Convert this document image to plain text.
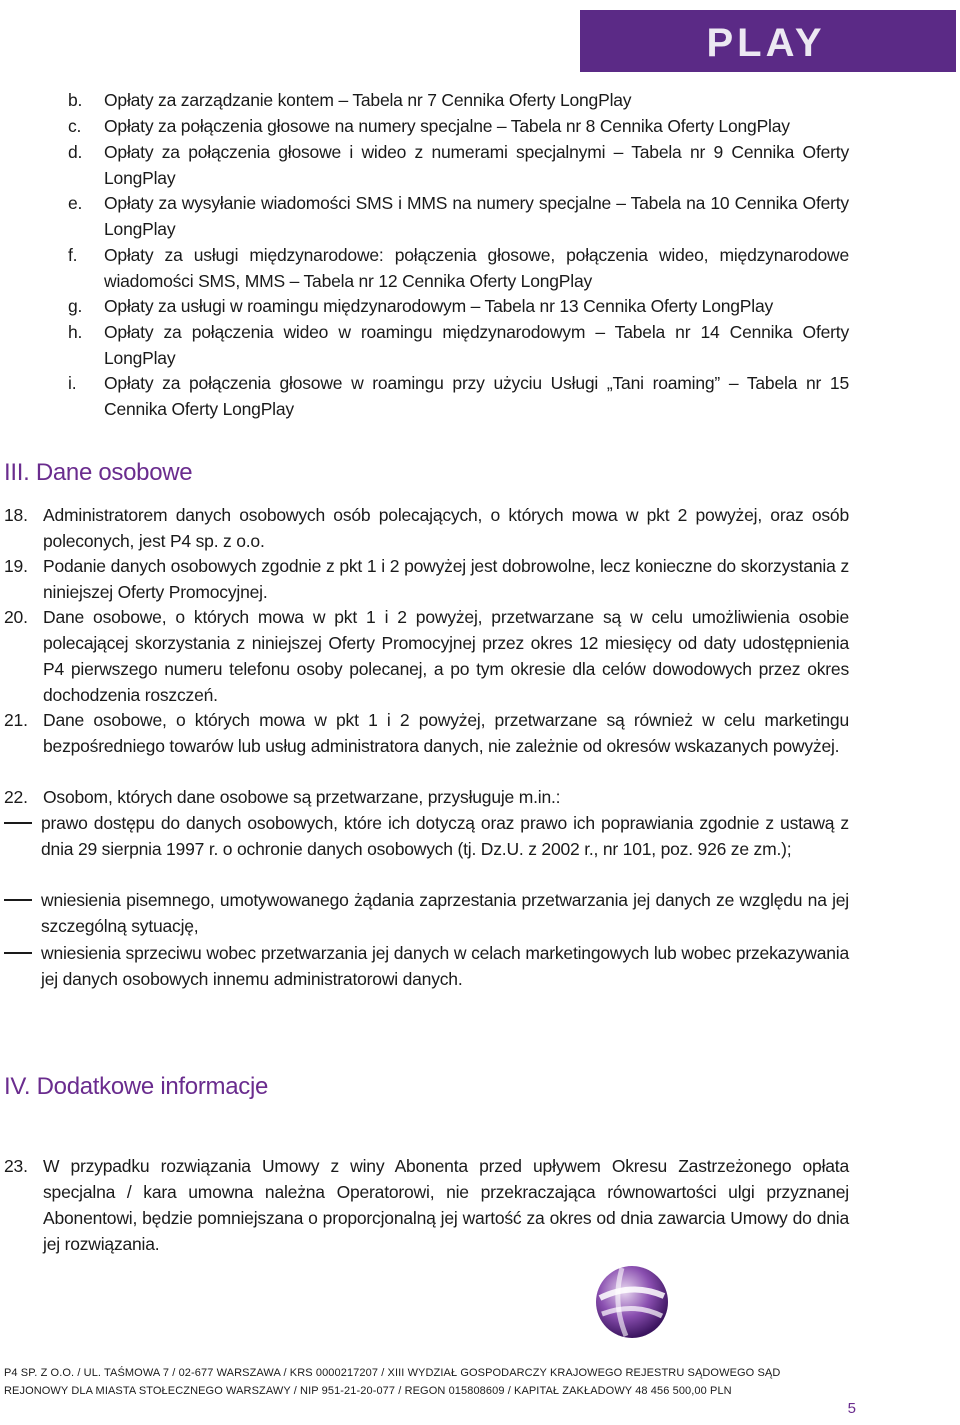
PLAY
b. Opłaty za zarządzanie kontem – Tabela nr 7 Cennika Oferty LongPlay
c. Opłaty za połączenia głosowe na numery specjalne – Tabela nr 8 Cennika Oferty LongPlay
d. Opłaty za połączenia głosowe i wideo z numerami specjalnymi – Tabela nr 9 Cennika Oferty LongPlay
e. Opłaty za wysyłanie wiadomości SMS i MMS na numery specjalne – Tabela na 10 Cennika Oferty LongPlay
f. Opłaty za usługi międzynarodowe: połączenia głosowe, połączenia wideo, międzynarodowe wiadomości SMS, MMS – Tabela nr 12 Cennika Oferty LongPlay
g. Opłaty za usługi w roamingu międzynarodowym – Tabela nr 13 Cennika Oferty LongPlay
h. Opłaty za połączenia wideo w roamingu międzynarodowym – Tabela nr 14 Cennika Oferty LongPlay
i. Opłaty za połączenia głosowe w roamingu przy użyciu Usługi „Tani roaming” – Tabela nr 15 Cennika Oferty LongPlay
III. Dane osobowe
18. Administratorem danych osobowych osób polecających, o których mowa w pkt 2 powyżej, oraz osób poleconych, jest P4 sp. z o.o.
19. Podanie danych osobowych zgodnie z pkt 1 i 2 powyżej jest dobrowolne, lecz konieczne do skorzystania z niniejszej Oferty Promocyjnej.
20. Dane osobowe, o których mowa w pkt 1 i 2 powyżej, przetwarzane są w celu umożliwienia osobie polecającej skorzystania z niniejszej Oferty Promocyjnej przez okres 12 miesięcy od daty udostępnienia P4 pierwszego numeru telefonu osoby polecanej, a po tym okresie dla celów dowodowych przez okres dochodzenia roszczeń.
21. Dane osobowe, o których mowa w pkt 1 i 2 powyżej, przetwarzane są również w celu marketingu bezpośredniego towarów lub usług administratora danych, nie zależnie od okresów wskazanych powyżej.
22. Osobom, których dane osobowe są przetwarzane, przysługuje m.in.:
prawo dostępu do danych osobowych, które ich dotyczą oraz prawo ich poprawiania zgodnie z ustawą z dnia 29 sierpnia 1997 r. o ochronie danych osobowych (tj. Dz.U. z 2002 r., nr 101, poz. 926 ze zm.);
wniesienia pisemnego, umotywowanego żądania zaprzestania przetwarzania jej danych ze względu na jej szczególną sytuację,
wniesienia sprzeciwu wobec przetwarzania jej danych w celach marketingowych lub wobec przekazywania jej danych osobowych innemu administratorowi danych.
IV. Dodatkowe informacje
23. W przypadku rozwiązania Umowy z winy Abonenta przed upływem Okresu Zastrzeżonego opłata specjalna / kara umowna należna Operatorowi, nie przekraczająca równowartości ulgi przyznanej Abonentowi, będzie pomniejszana o proporcjonalną jej wartość za okres od dnia zawarcia Umowy do dnia jej rozwiązania.
P4 SP. Z O.O. / UL. TAŚMOWA 7 / 02-677 WARSZAWA / KRS 0000217207 / XIII WYDZIAŁ GOSPODARCZY KRAJOWEGO REJESTRU SĄDOWEGO SĄD
REJONOWY DLA MIASTA STOŁECZNEGO WARSZAWY / NIP 951-21-20-077 / REGON 015808609 / KAPITAŁ ZAKŁADOWY 48 456 500,00 PLN
5
